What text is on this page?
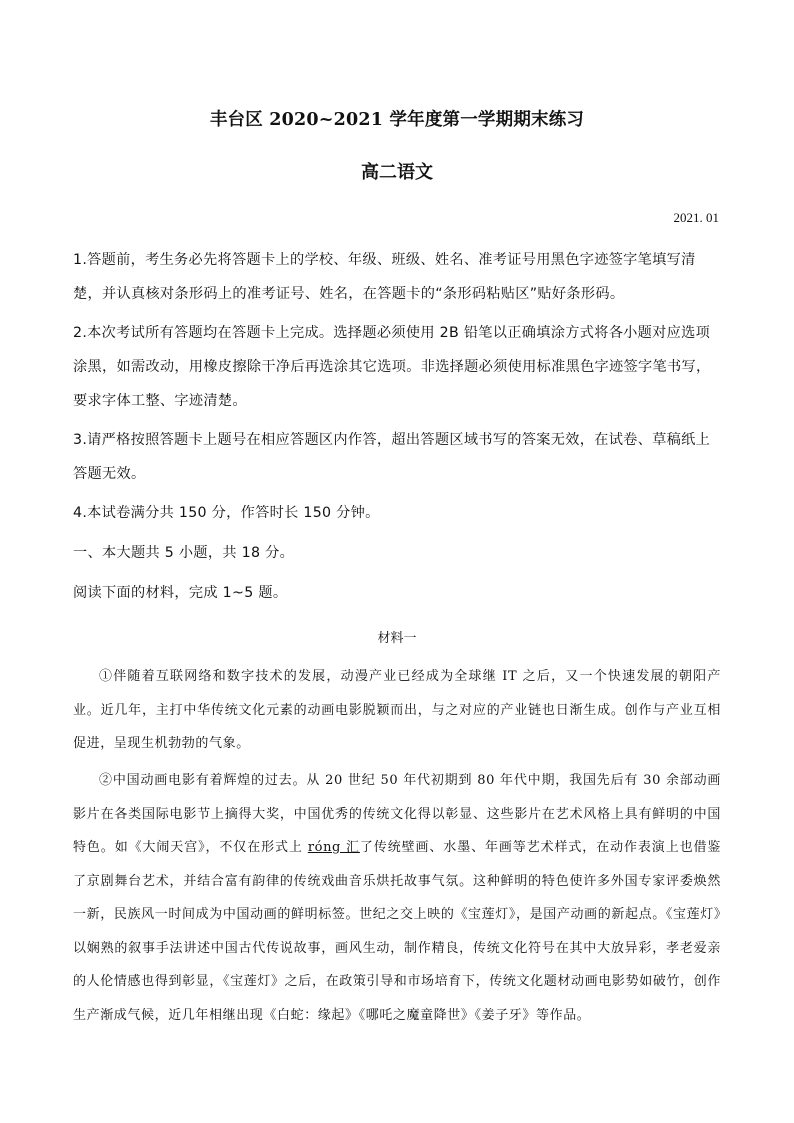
丰台区 2020~2021 学年度第一学期期末练习
高二语文
2021. 01
1.答题前，考生务必先将答题卡上的学校、年级、班级、姓名、准考证号用黑色字迹签字笔填写清楚，并认真核对条形码上的准考证号、姓名，在答题卡的“条形码粘贴区”贴好条形码。
2.本次考试所有答题均在答题卡上完成。选择题必须使用 2B 铅笔以正确填涂方式将各小题对应选项涂黑，如需改动，用橡皮擦除干净后再选涂其它选项。非选择题必须使用标准黑色字迹签字笔书写，要求字体工整、字迹清楚。
3.请严格按照答题卡上题号在相应答题区内作答，超出答题区域书写的答案无效，在试卷、草稿纸上答题无效。
4.本试卷满分共 150 分，作答时长 150 分钟。
一、本大题共 5 小题，共 18 分。
阅读下面的材料，完成 1~5 题。
材料一
①伴随着互联网络和数字技术的发展，动漫产业已经成为全球继 IT 之后，又一个快速发展的朝阳产业。近几年，主打中华传统文化元素的动画电影脱颖而出，与之对应的产业链也日渐生成。创作与产业互相促进，呈现生机勃勃的气象。
②中国动画电影有着辉煌的过去。从 20 世纪 50 年代初期到 80 年代中期，我国先后有 30 余部动画影片在各类国际电影节上摘得大奖，中国优秀的传统文化得以彰显、这些影片在艺术风格上具有鲜明的中国特色。如《大闹天宫》，不仅在形式上 róng 汇了传统壁画、水墨、年画等艺术样式，在动作表演上也借鉴了京剧舞台艺术，并结合富有韵律的传统戏曲音乐烘托故事气氛。这种鲜明的特色使许多外国专家评委焕然一新，民族风一时间成为中国动画的鲜明标签。世纪之交上映的《宝莲灯》，是国产动画的新起点。《宝莲灯》以娴熟的叙事手法讲述中国古代传说故事，画风生动，制作精良，传统文化符号在其中大放异彩，孝老爱亲的人伦情感也得到彰显，《宝莲灯》之后，在政策引导和市场培育下，传统文化题材动画电影势如破竹，创作生产渐成气候，近几年相继出现《白蛇：缘起》《哪吒之魔童降世》《姜子牙》等作品。
